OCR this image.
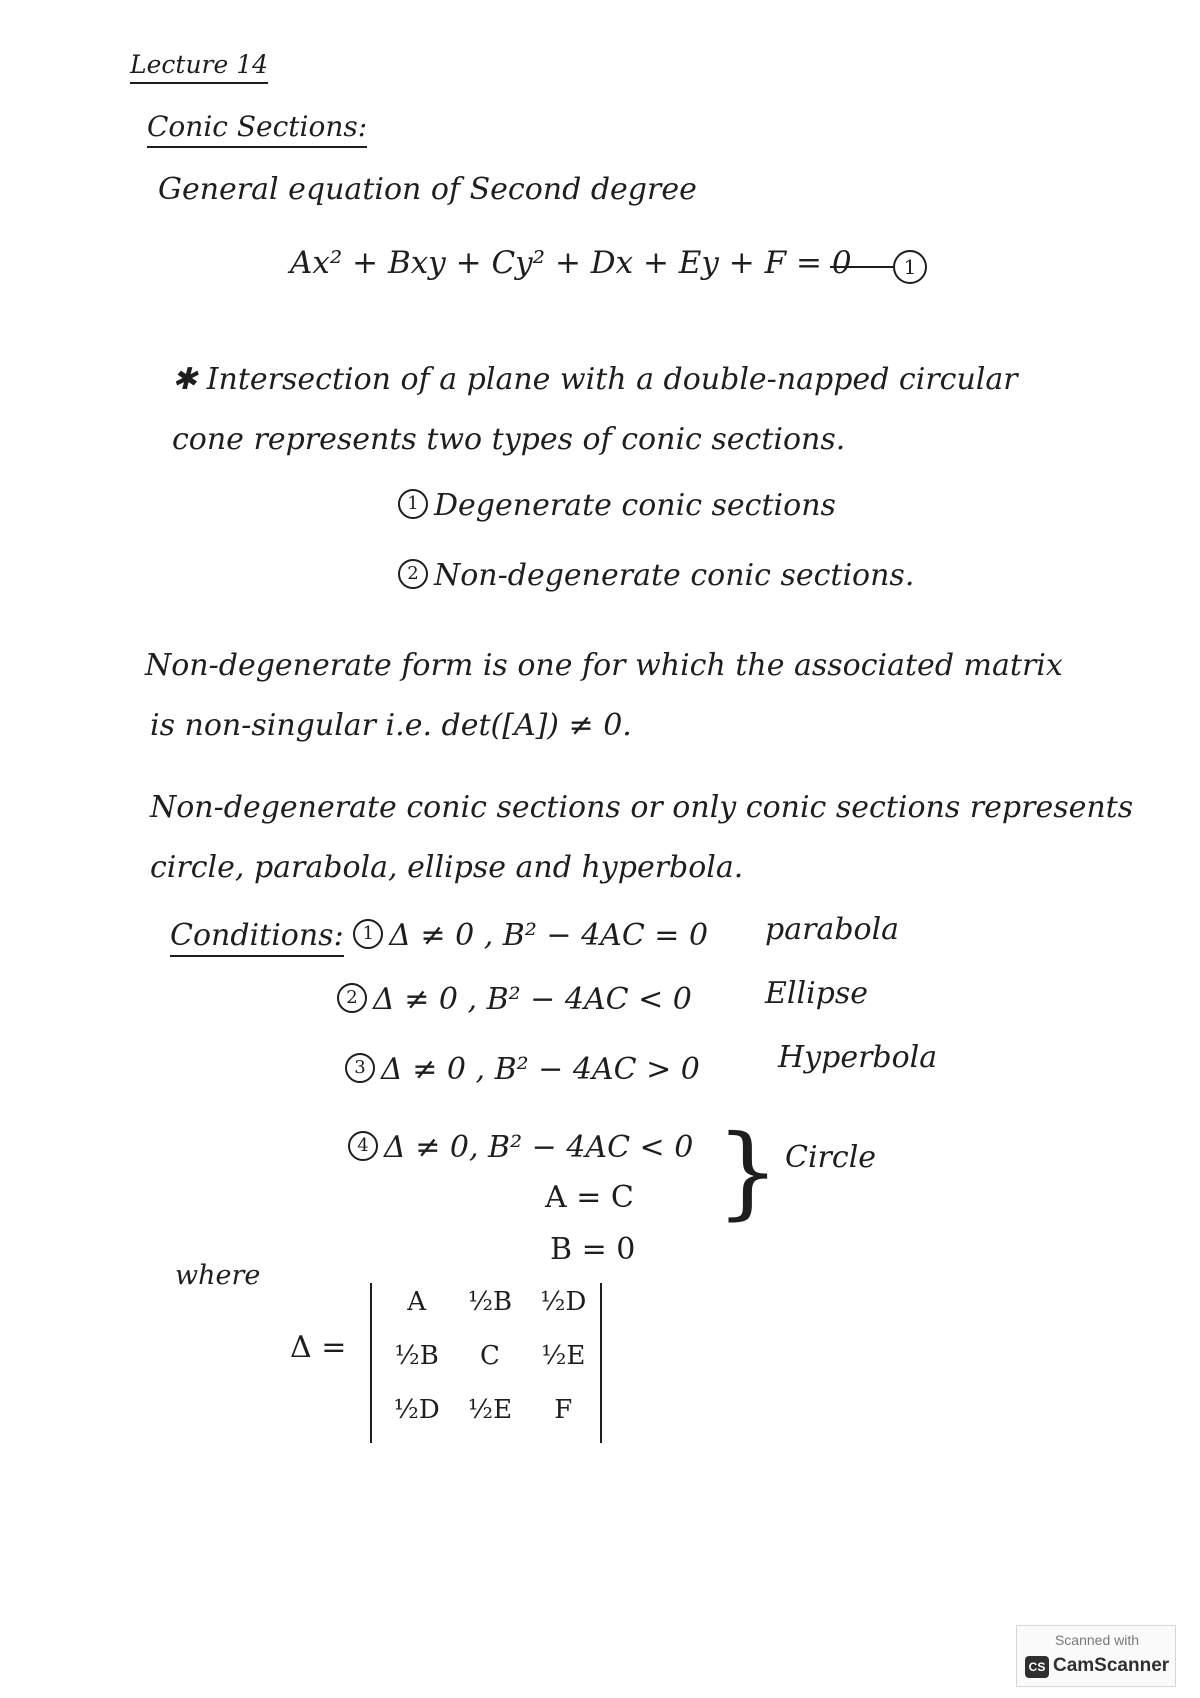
Lecture 14
Conic Sections:
General equation of Second degree
Ax² + Bxy + Cy² + Dx + Ey + F = 0	1
✱ Intersection of a plane with a double-napped circular
cone represents two types of conic sections.
1 Degenerate conic sections
2 Non-degenerate conic sections.
Non-degenerate form is one for which the associated matrix
is non-singular i.e. det([A]) ≠ 0.
Non-degenerate conic sections or only conic sections represents
circle, parabola, ellipse and hyperbola.
Conditions: 1 Δ ≠ 0 , B² − 4AC = 0 parabola
2 Δ ≠ 0 , B² − 4AC < 0 Ellipse
3 Δ ≠ 0 , B² − 4AC > 0	Hyperbola
4 Δ ≠ 0, B² − 4AC < 0
A = C
B = 0
} Circle
where
Δ =
A	½B	½D
½B	C	½E
½D	½E	F
Scanned with
CS CamScanner
